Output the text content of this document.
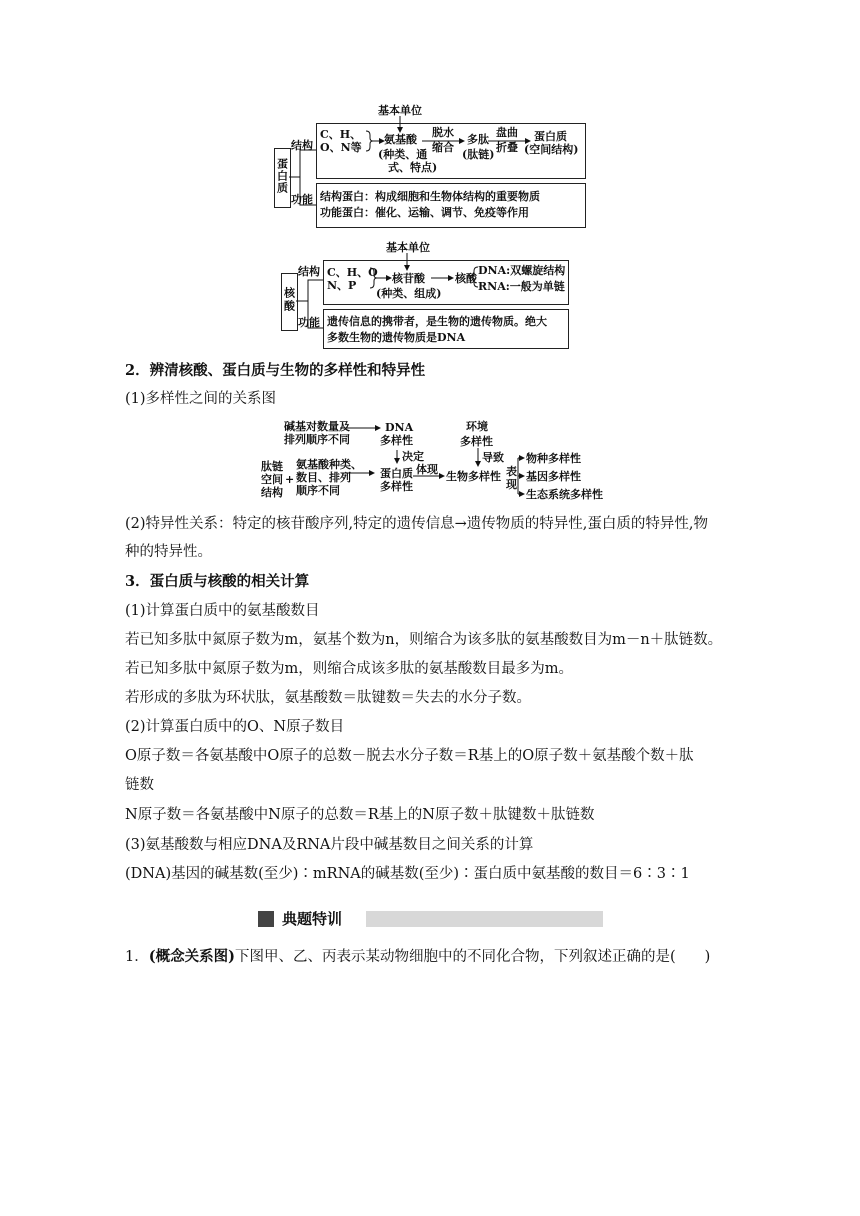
基本单位
蛋白质
结构
功能
C、H、
O、N等
氨基酸
(种类、通
式、特点)
脱水
缩合
多肽
(肽链)
盘曲
折叠
蛋白质
(空间结构)
结构蛋白：构成细胞和生物体结构的重要物质
功能蛋白：催化、运输、调节、免疫等作用
基本单位
核酸
结构
功能
C、H、O
N、P
核苷酸
(种类、组成)
核酸
DNA:双螺旋结构
RNA:一般为单链
遗传信息的携带者，是生物的遗传物质。绝大
多数生物的遗传物质是DNA
2．辨清核酸、蛋白质与生物的多样性和特异性
(1)多样性之间的关系图
碱基对数量及
排列顺序不同
DNA
多样性
环境
多样性
决定	导致
肽链
空间
结构
+
氨基酸种类、
数目、排列
顺序不同
蛋白质
多样性
体现
生物多样性 表
现
物种多样性
基因多样性
生态系统多样性
(2)特异性关系：特定的核苷酸序列,特定的遗传信息→遗传物质的特异性,蛋白质的特异性,物
种的特异性。
3．蛋白质与核酸的相关计算
(1)计算蛋白质中的氨基酸数目
若已知多肽中氮原子数为m，氨基个数为n，则缩合为该多肽的氨基酸数目为m－n＋肽链数。
若已知多肽中氮原子数为m，则缩合成该多肽的氨基酸数目最多为m。
若形成的多肽为环状肽，氨基酸数＝肽键数＝失去的水分子数。
(2)计算蛋白质中的O、N原子数目
O原子数＝各氨基酸中O原子的总数－脱去水分子数＝R基上的O原子数＋氨基酸个数＋肽
链数
N原子数＝各氨基酸中N原子的总数＝R基上的N原子数＋肽键数＋肽链数
(3)氨基酸数与相应DNA及RNA片段中碱基数目之间关系的计算
(DNA)基因的碱基数(至少)∶mRNA的碱基数(至少)∶蛋白质中氨基酸的数目＝6∶3∶1
典题特训
1．(概念关系图)下图甲、乙、丙表示某动物细胞中的不同化合物，下列叙述正确的是(　　)
